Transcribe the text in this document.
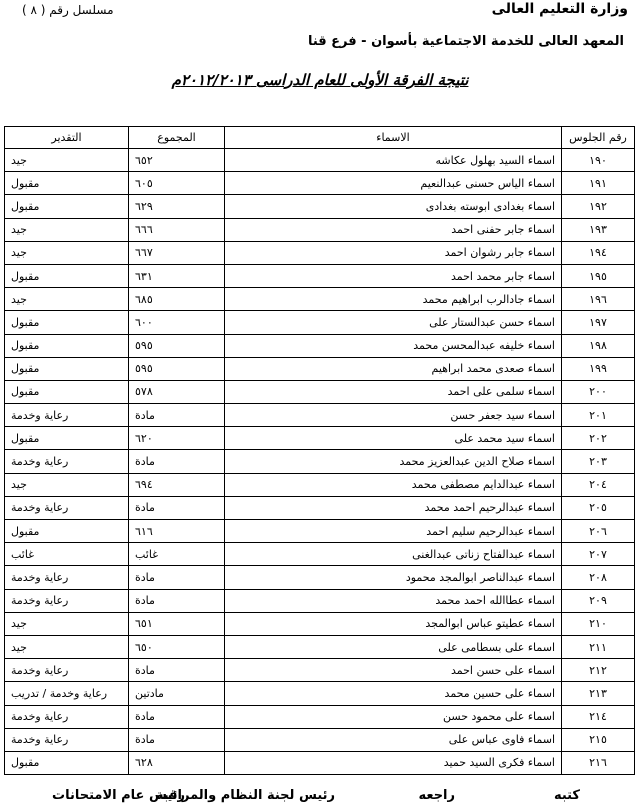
مسلسل رقم ( ٨ )	وزارة التعليم العالى
المعهد العالى للخدمة الاجتماعية بأسوان - فرع قنا
نتيجة الفرقة الأولى للعام الدراسى ٢٠١٢/٢٠١٣م
رقم الجلوس	الاسماء	المجموع	التقدير
١٩٠	اسماء السيد بهلول عكاشه	٦٥٢	جيد
١٩١	اسماء الياس حسنى عبدالنعيم	٦٠٥	مقبول
١٩٢	اسماء بغدادى ابوسته بغدادى	٦٢٩	مقبول
١٩٣	اسماء جابر حفنى احمد	٦٦٦	جيد
١٩٤	اسماء جابر رشوان احمد	٦٦٧	جيد
١٩٥	اسماء جابر محمد احمد	٦٣١	مقبول
١٩٦	اسماء جادالرب ابراهيم محمد	٦٨٥	جيد
١٩٧	اسماء حسن عبدالستار على	٦٠٠	مقبول
١٩٨	اسماء خليفه عبدالمحسن محمد	٥٩٥	مقبول
١٩٩	اسماء صعدى محمد ابراهيم	٥٩٥	مقبول
٢٠٠	اسماء سلمى على احمد	٥٧٨	مقبول
٢٠١	اسماء سيد جعفر حسن	مادة	رعاية وخدمة
٢٠٢	اسماء سيد محمد على	٦٢٠	مقبول
٢٠٣	اسماء صلاح الدين عبدالعزيز محمد	مادة	رعاية وخدمة
٢٠٤	اسماء عبدالدايم مصطفى محمد	٦٩٤	جيد
٢٠٥	اسماء عبدالرحيم احمد محمد	مادة	رعاية وخدمة
٢٠٦	اسماء عبدالرحيم سليم احمد	٦١٦	مقبول
٢٠٧	اسماء عبدالفتاح زناتى عبدالغنى	غائب	غائب
٢٠٨	اسماء عبدالناصر ابوالمجد محمود	مادة	رعاية وخدمة
٢٠٩	اسماء عطاالله احمد محمد	مادة	رعاية وخدمة
٢١٠	اسماء عطيتو عباس ابوالمجد	٦٥١	جيد
٢١١	اسماء على بسطامى على	٦٥٠	جيد
٢١٢	اسماء على حسن احمد	مادة	رعاية وخدمة
٢١٣	اسماء على حسين محمد	مادتين	رعاية وخدمة / تدريب
٢١٤	اسماء على محمود حسن	مادة	رعاية وخدمة
٢١٥	اسماء فاوى عباس على	مادة	رعاية وخدمة
٢١٦	اسماء فكرى السيد حميد	٦٢٨	مقبول
كتبه
راجعه
رئيس لجنة النظام والمراقبة
رئيس عام الامتحانات
